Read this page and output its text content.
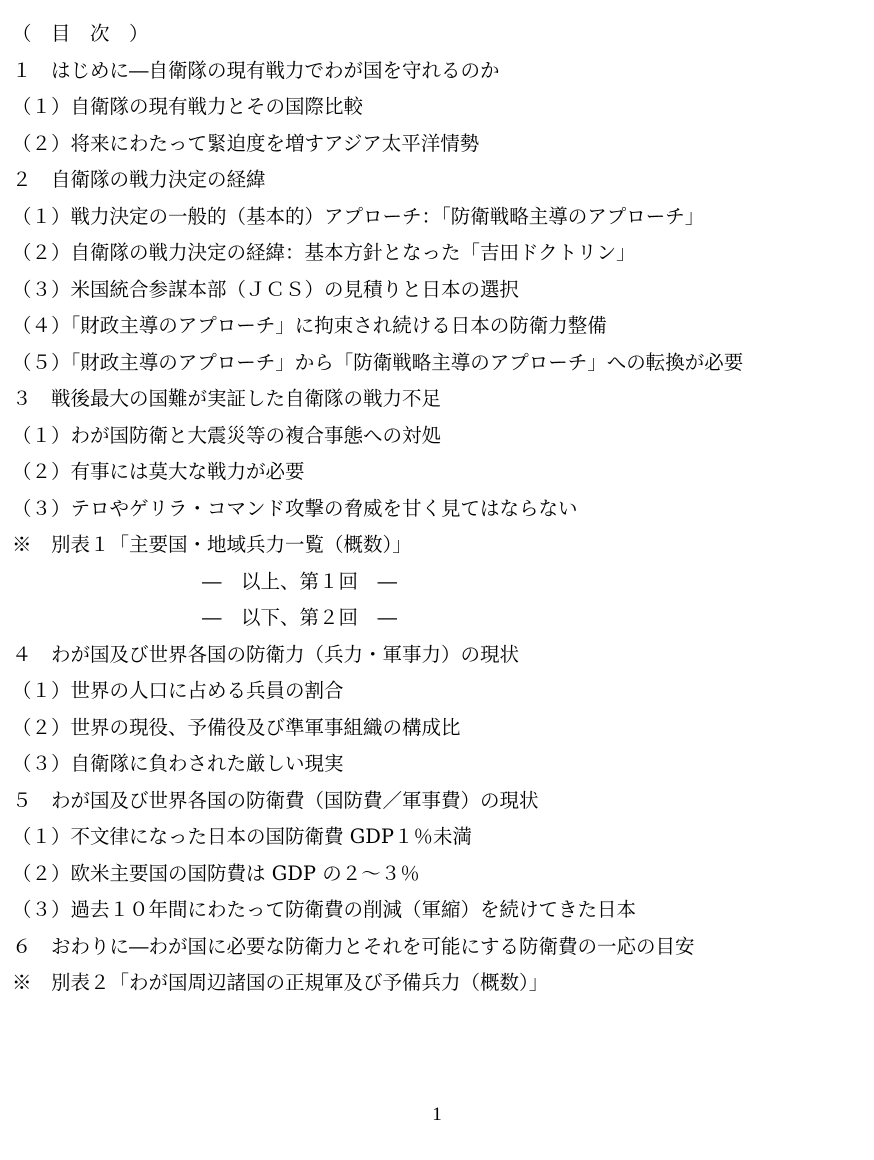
（　目　次　）
１　はじめに―自衛隊の現有戦力でわが国を守れるのか
（１）自衛隊の現有戦力とその国際比較
（２）将来にわたって緊迫度を増すアジア太平洋情勢
２　自衛隊の戦力決定の経緯
（１）戦力決定の一般的（基本的）アプローチ：「防衛戦略主導のアプローチ」
（２）自衛隊の戦力決定の経緯：基本方針となった「吉田ドクトリン」
（３）米国統合参謀本部（ＪＣＳ）の見積りと日本の選択
（４）「財政主導のアプローチ」に拘束され続ける日本の防衛力整備
（５）「財政主導のアプローチ」から「防衛戦略主導のアプローチ」への転換が必要
３　戦後最大の国難が実証した自衛隊の戦力不足
（１）わが国防衛と大震災等の複合事態への対処
（２）有事には莫大な戦力が必要
（３）テロやゲリラ・コマンド攻撃の脅威を甘く見てはならない
※　別表１「主要国・地域兵力一覧（概数）」
―　以上、第１回　―
―　以下、第２回　―
４　わが国及び世界各国の防衛力（兵力・軍事力）の現状
（１）世界の人口に占める兵員の割合
（２）世界の現役、予備役及び準軍事組織の構成比
（３）自衛隊に負わされた厳しい現実
５　わが国及び世界各国の防衛費（国防費／軍事費）の現状
（１）不文律になった日本の国防衛費 GDP１％未満
（２）欧米主要国の国防費は GDP の２～３％
（３）過去１０年間にわたって防衛費の削減（軍縮）を続けてきた日本
６　おわりに―わが国に必要な防衛力とそれを可能にする防衛費の一応の目安
※　別表２「わが国周辺諸国の正規軍及び予備兵力（概数）」
1
